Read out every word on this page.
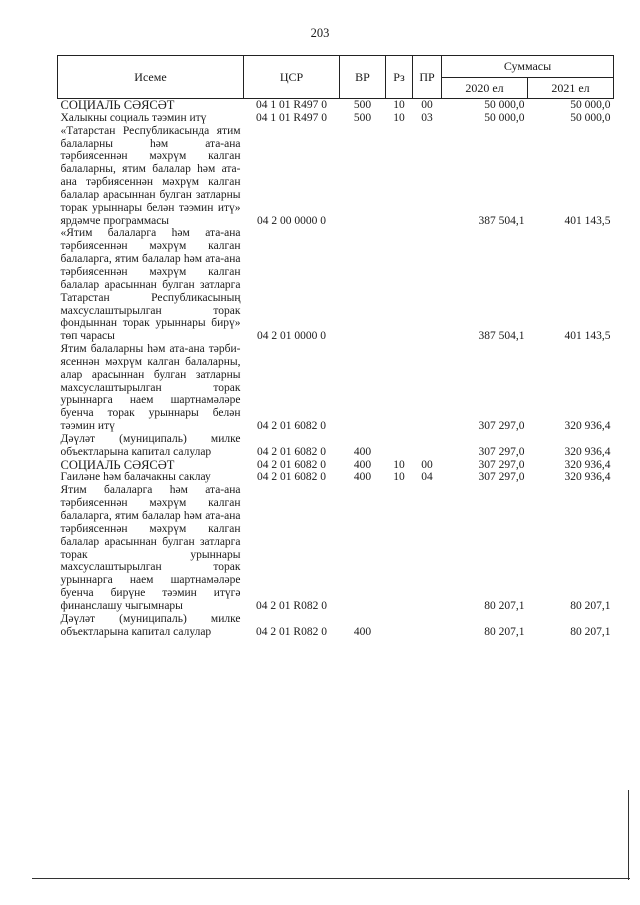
203
Исеме	ЦСР	ВР	Рз	ПР	Суммасы	
					2020 ел	2021 ел
СОЦИАЛЬ СӘЯСӘТ	04 1 01 R497 0	500	10	00	50 000,0	50 000,0
Халыкны социаль тәэмин итү	04 1 01 R497 0	500	10	03	50 000,0	50 000,0
«Татарстан Республикасында ятим балаларны һәм ата-ана тәрбиясеннән мәхрүм калган балаларны, ятим балалар һәм ата-ана тәрбиясеннән мәхрүм калган балалар арасыннан булган затларны торак урыннары белән тәэмин итү» ярдәмче программасы	04 2 00 0000 0				387 504,1	401 143,5
«Ятим балаларга һәм ата-ана тәрбиясеннән мәхрүм калган балаларга, ятим балалар һәм ата-ана тәрбиясеннән мәхрүм калган балалар арасыннан булган затларга Татарстан Республикасының махсуслаштырылган торак фондыннан торак урыннары бирү» төп чарасы	04 2 01 0000 0				387 504,1	401 143,5
Ятим балаларны һәм ата-ана тәрби-ясеннән мәхрүм калган балаларны, алар арасыннан булган затларны махсуслаштырылган торак урыннарга наем шартнамәләре буенча торак урыннары белән тәэмин итү	04 2 01 6082 0				307 297,0	320 936,4
Дәүләт (муниципаль) милке объектларына капитал салулар	04 2 01 6082 0	400			307 297,0	320 936,4
СОЦИАЛЬ СӘЯСӘТ	04 2 01 6082 0	400	10	00	307 297,0	320 936,4
Гаиләне һәм балачакны саклау	04 2 01 6082 0	400	10	04	307 297,0	320 936,4
Ятим балаларга һәм ата-ана тәрбиясеннән мәхрүм калган балаларга, ятим балалар һәм ата-ана тәрбиясеннән мәхрүм калган балалар арасыннан булган затларга торак урыннары махсуслаштырылган торак урыннарга наем шартнамәләре буенча бирүне тәэмин итүгә финанслашу чыгымнары	04 2 01 R082 0				80 207,1	80 207,1
Дәүләт (муниципаль) милке объектларына капитал салулар	04 2 01 R082 0	400			80 207,1	80 207,1
